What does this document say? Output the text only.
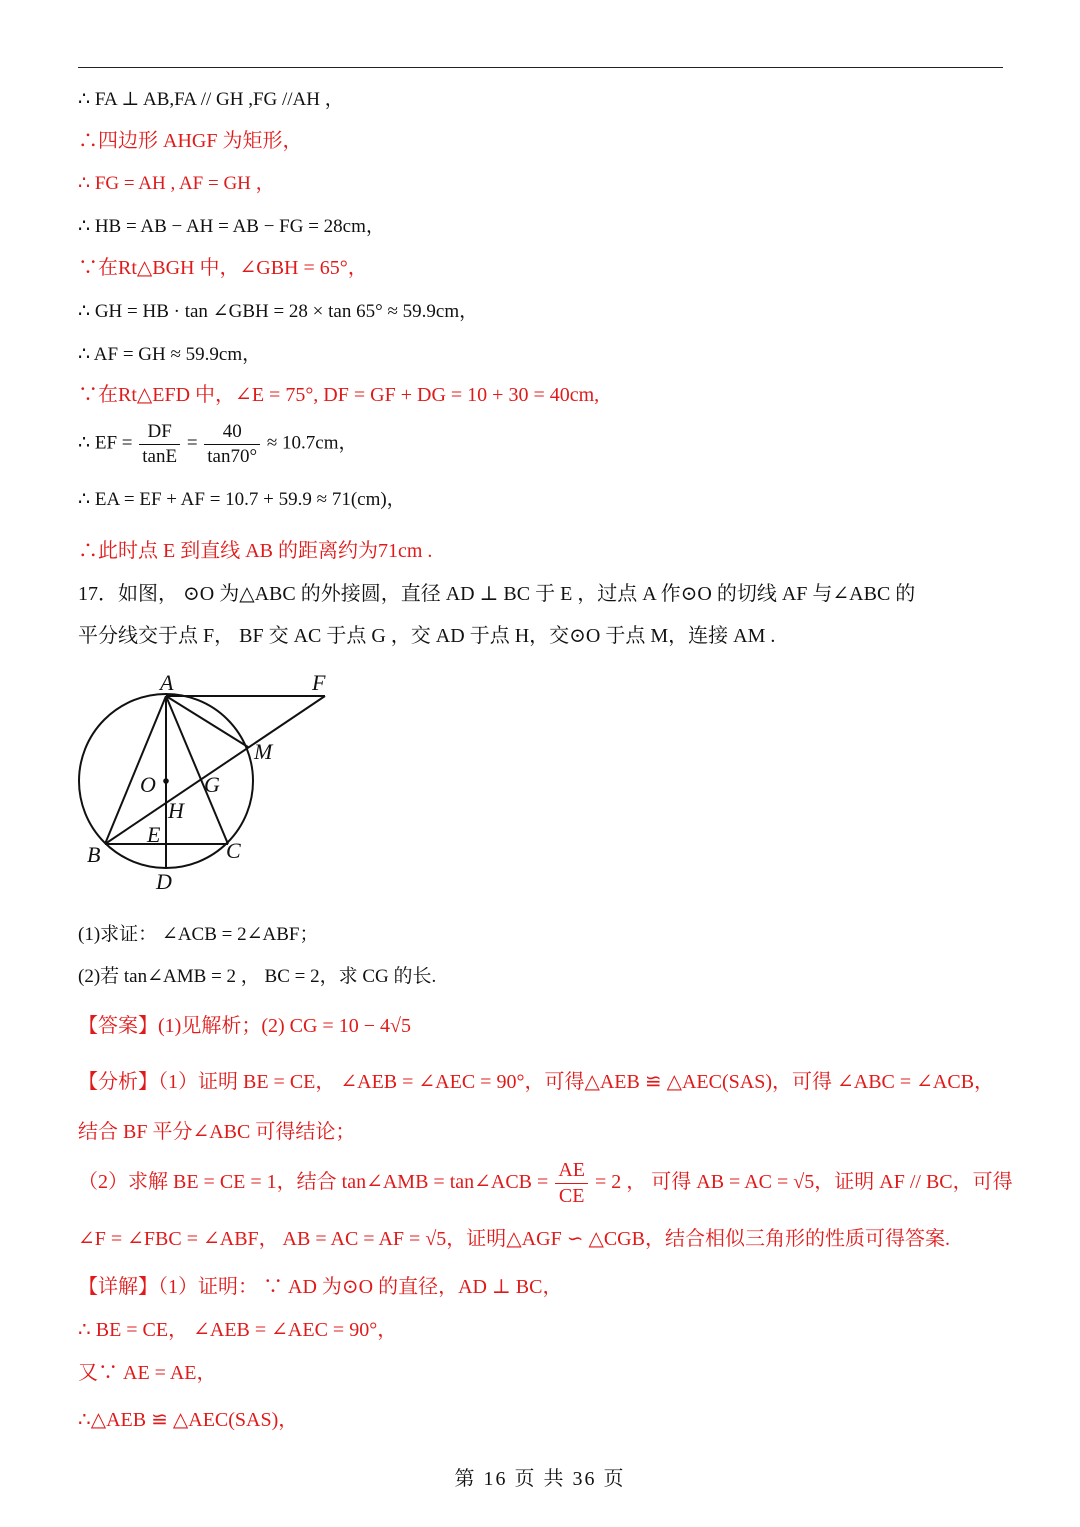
∴ FA ⊥ AB,FA // GH ,FG //AH ，
∴四边形 AHGF 为矩形，
∴ FG = AH , AF = GH ，
∴ HB = AB − AH = AB − FG = 28cm，
∵在Rt△BGH 中，∠GBH = 65°，
∴ GH = HB · tan ∠GBH = 28 × tan 65° ≈ 59.9cm，
∴ AF = GH ≈ 59.9cm，
∵在Rt△EFD 中，∠E = 75°, DF = GF + DG = 10 + 30 = 40cm,
∴ EF = $\frac{DF}{\tan E} = \frac{40}{\tan 70^\circ} \approx 10.7cm$，
∴ EA = EF + AF = 10.7 + 59.9 ≈ 71(cm)，
∴此时点 E 到直线 AB 的距离约为71cm .
17．如图， ⊙O 为△ABC 的外接圆，直径 AD ⊥ BC 于 E ，过点 A 作⊙O 的切线 AF 与∠ABC 的
平分线交于点 F， BF 交 AC 于点 G ，交 AD 于点 H，交⊙O 于点 M，连接 AM .
A	F
M
O G
H
E
B	C
D
(1)求证： ∠ACB = 2∠ABF；
(2)若 tan∠AMB = 2 ， BC = 2，求 CG 的长.
【答案】(1)见解析；(2) CG = 10 − 4√5
【分析】（1）证明 BE = CE， ∠AEB = ∠AEC = 90°，可得△AEB ≌ △AEC(SAS)，可得 ∠ABC = ∠ACB，
结合 BF 平分∠ABC 可得结论；
（2）求解 BE = CE = 1，结合 tan∠AMB = tan∠ACB = $\frac{AE}{CE} = 2$ ， 可得 AB = AC = √5，证明 AF // BC，可得
∠F = ∠FBC = ∠ABF， AB = AC = AF = √5，证明△AGF ∽ △CGB，结合相似三角形的性质可得答案.
【详解】（1）证明： ∵ AD 为⊙O 的直径，AD ⊥ BC，
∴ BE = CE， ∠AEB = ∠AEC = 90°，
又∵ AE = AE，
∴△AEB ≌ △AEC(SAS)，
第 16 页 共 36 页
